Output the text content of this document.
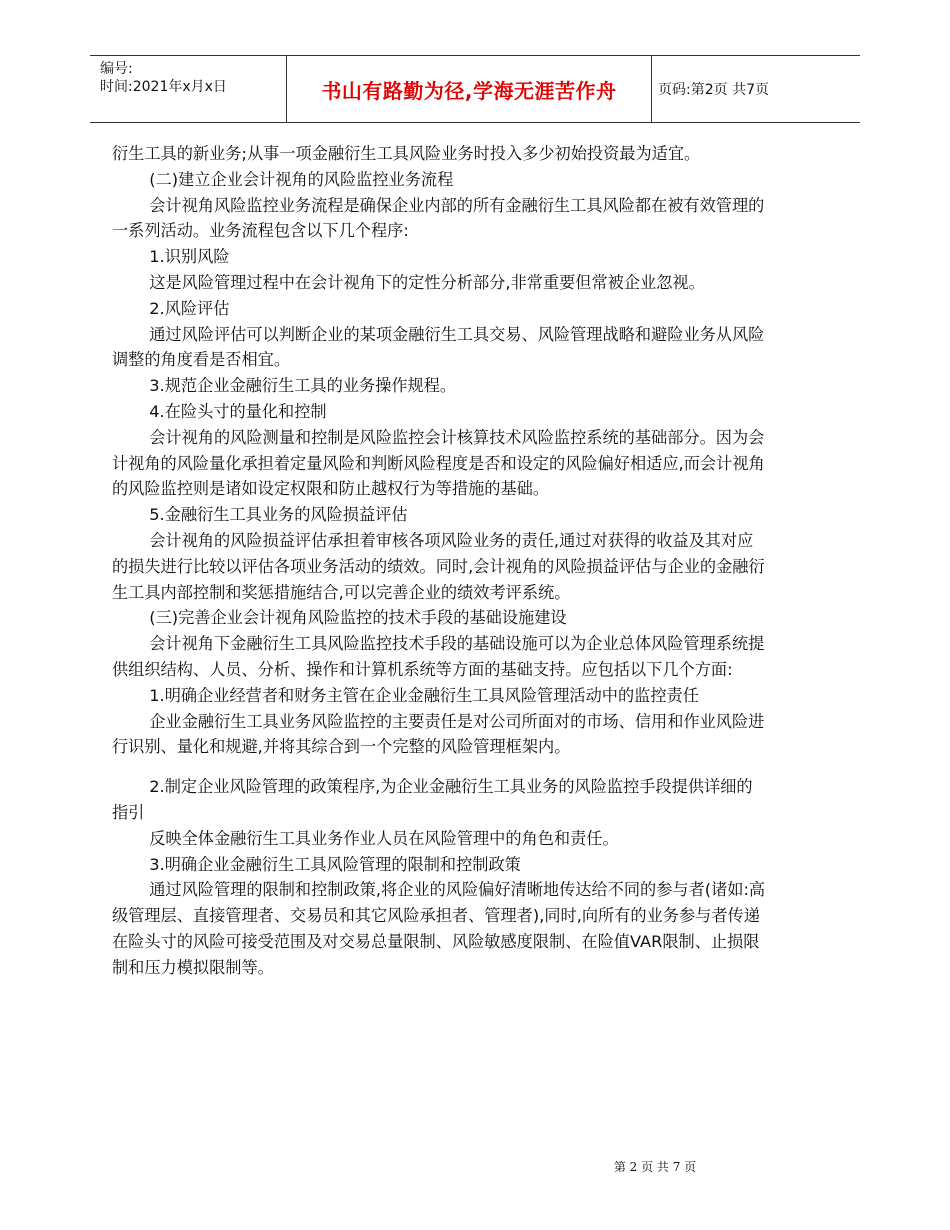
编号:
时间:2021年x月x日	书山有路勤为径,学海无涯苦作舟	页码:第2页 共7页

衍生工具的新业务;从事一项金融衍生工具风险业务时投入多少初始投资最为适宜。

(二)建立企业会计视角的风险监控业务流程

会计视角风险监控业务流程是确保企业内部的所有金融衍生工具风险都在被有效管理的一系列活动。业务流程包含以下几个程序:

1.识别风险

这是风险管理过程中在会计视角下的定性分析部分,非常重要但常被企业忽视。

2.风险评估

通过风险评估可以判断企业的某项金融衍生工具交易、风险管理战略和避险业务从风险调整的角度看是否相宜。

3.规范企业金融衍生工具的业务操作规程。

4.在险头寸的量化和控制

会计视角的风险测量和控制是风险监控会计核算技术风险监控系统的基础部分。因为会计视角的风险量化承担着定量风险和判断风险程度是否和设定的风险偏好相适应,而会计视角的风险监控则是诸如设定权限和防止越权行为等措施的基础。

5.金融衍生工具业务的风险损益评估

会计视角的风险损益评估承担着审核各项风险业务的责任,通过对获得的收益及其对应的损失进行比较以评估各项业务活动的绩效。同时,会计视角的风险损益评估与企业的金融衍生工具内部控制和奖惩措施结合,可以完善企业的绩效考评系统。

(三)完善企业会计视角风险监控的技术手段的基础设施建设

会计视角下金融衍生工具风险监控技术手段的基础设施可以为企业总体风险管理系统提供组织结构、人员、分析、操作和计算机系统等方面的基础支持。应包括以下几个方面:

1.明确企业经营者和财务主管在企业金融衍生工具风险管理活动中的监控责任

企业金融衍生工具业务风险监控的主要责任是对公司所面对的市场、信用和作业风险进行识别、量化和规避,并将其综合到一个完整的风险管理框架内。

2.制定企业风险管理的政策程序,为企业金融衍生工具业务的风险监控手段提供详细的指引

反映全体金融衍生工具业务作业人员在风险管理中的角色和责任。

3.明确企业金融衍生工具风险管理的限制和控制政策

通过风险管理的限制和控制政策,将企业的风险偏好清晰地传达给不同的参与者(诸如:高级管理层、直接管理者、交易员和其它风险承担者、管理者),同时,向所有的业务参与者传递在险头寸的风险可接受范围及对交易总量限制、风险敏感度限制、在险值VAR限制、止损限制和压力模拟限制等。

第 2 页 共 7 页
